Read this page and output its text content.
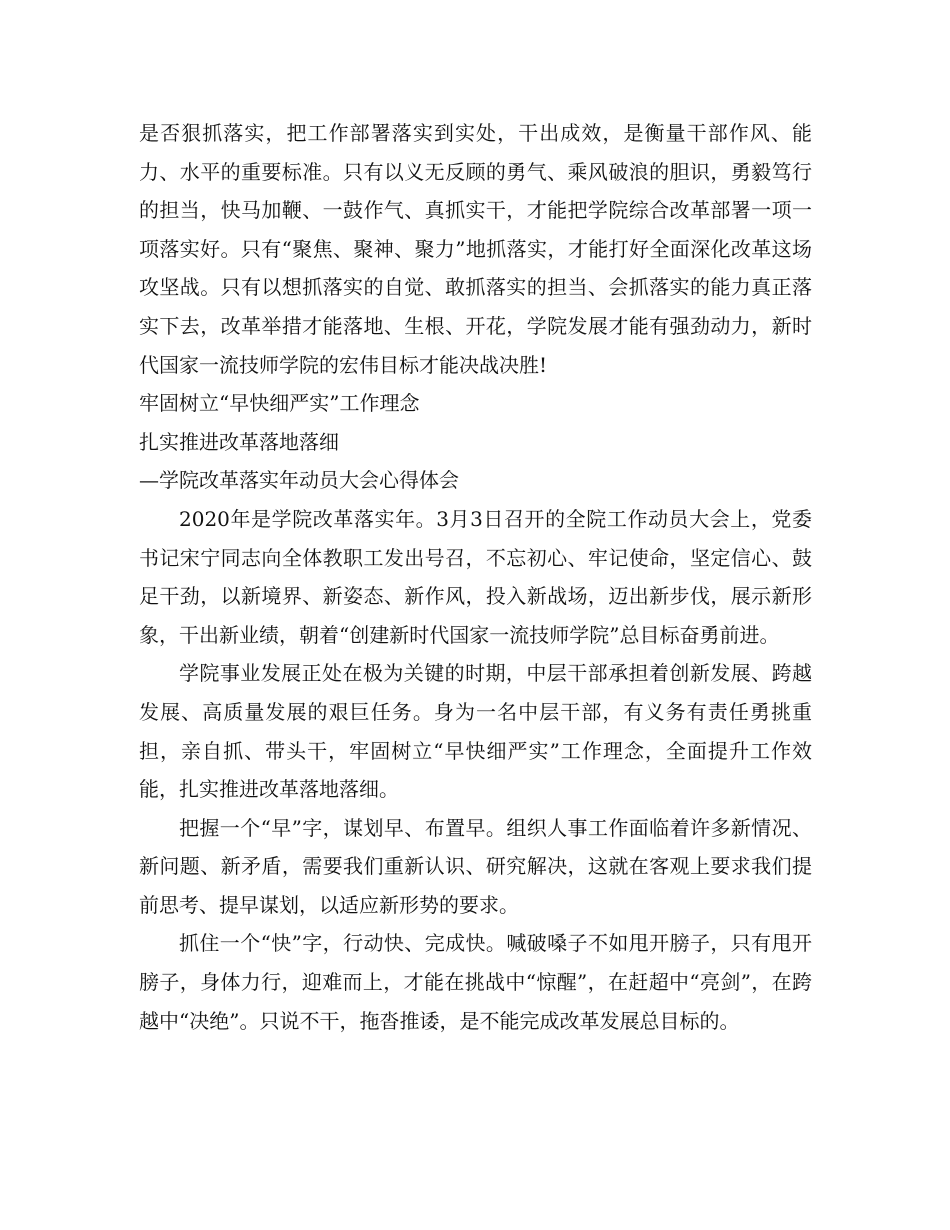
是否狠抓落实，把工作部署落实到实处，干出成效，是衡量干部作风、能力、水平的重要标准。只有以义无反顾的勇气、乘风破浪的胆识，勇毅笃行的担当，快马加鞭、一鼓作气、真抓实干，才能把学院综合改革部署一项一项落实好。只有“聚焦、聚神、聚力”地抓落实，才能打好全面深化改革这场攻坚战。只有以想抓落实的自觉、敢抓落实的担当、会抓落实的能力真正落实下去，改革举措才能落地、生根、开花，学院发展才能有强劲动力，新时代国家一流技师学院的宏伟目标才能决战决胜!

牢固树立“早快细严实”工作理念

扎实推进改革落地落细

—学院改革落实年动员大会心得体会

2020年是学院改革落实年。3月3日召开的全院工作动员大会上，党委书记宋宁同志向全体教职工发出号召，不忘初心、牢记使命，坚定信心、鼓足干劲，以新境界、新姿态、新作风，投入新战场，迈出新步伐，展示新形象，干出新业绩，朝着“创建新时代国家一流技师学院”总目标奋勇前进。

学院事业发展正处在极为关键的时期，中层干部承担着创新发展、跨越发展、高质量发展的艰巨任务。身为一名中层干部，有义务有责任勇挑重担，亲自抓、带头干，牢固树立“早快细严实”工作理念，全面提升工作效能，扎实推进改革落地落细。

把握一个“早”字，谋划早、布置早。组织人事工作面临着许多新情况、新问题、新矛盾，需要我们重新认识、研究解决，这就在客观上要求我们提前思考、提早谋划，以适应新形势的要求。

抓住一个“快”字，行动快、完成快。喊破嗓子不如甩开膀子，只有甩开膀子，身体力行，迎难而上，才能在挑战中“惊醒”，在赶超中“亮剑”，在跨越中“决绝”。只说不干，拖沓推诿，是不能完成改革发展总目标的。
